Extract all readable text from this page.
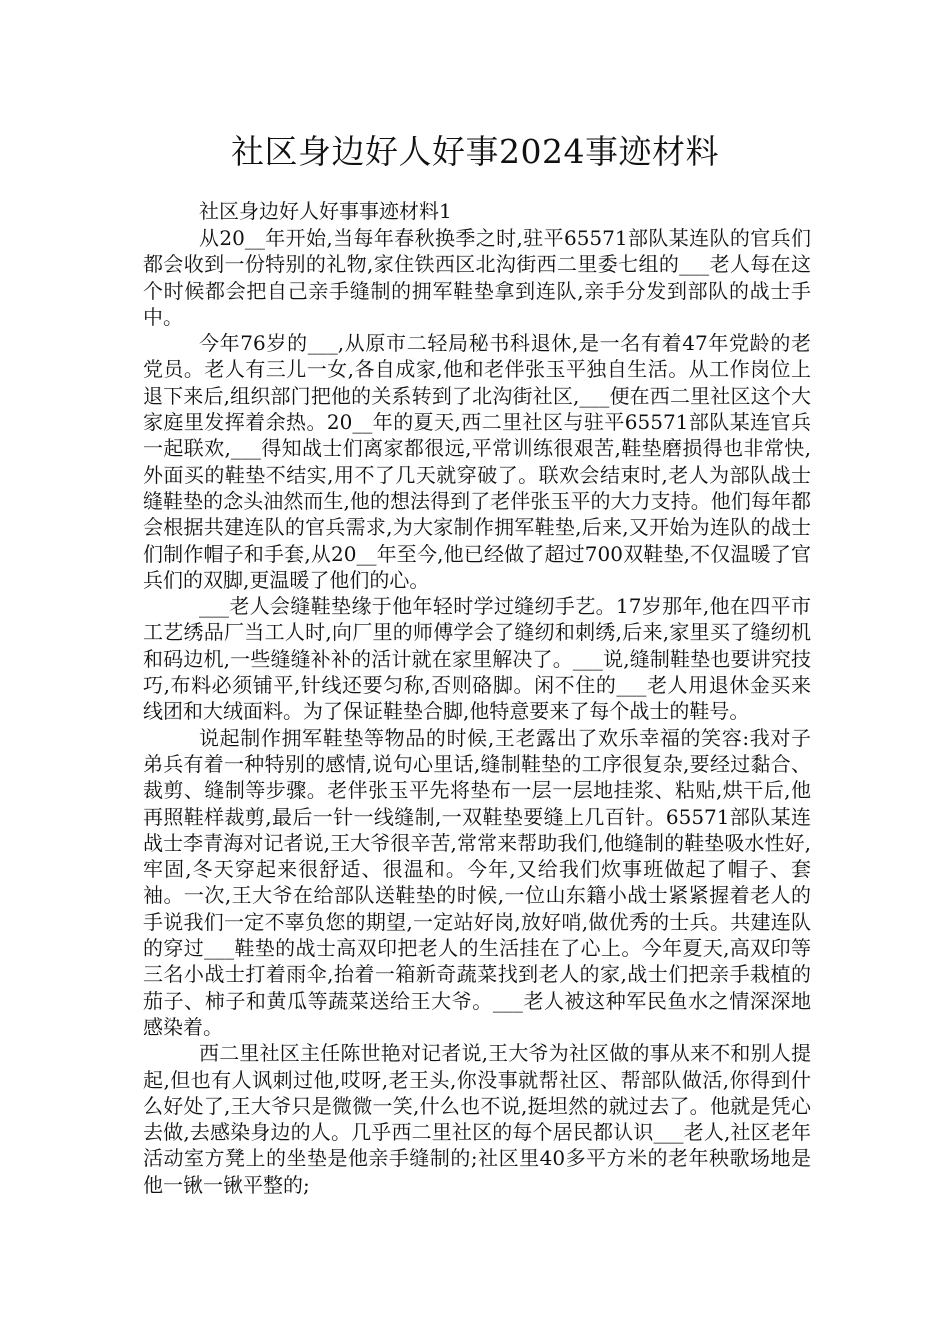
社区身边好人好事2024事迹材料

社区身边好人好事事迹材料1

从20__年开始,当每年春秋换季之时,驻平65571部队某连队的官兵们都会收到一份特别的礼物,家住铁西区北沟街西二里委七组的___老人每在这个时候都会把自己亲手缝制的拥军鞋垫拿到连队,亲手分发到部队的战士手中。

今年76岁的___,从原市二轻局秘书科退休,是一名有着47年党龄的老党员。老人有三儿一女,各自成家,他和老伴张玉平独自生活。从工作岗位上退下来后,组织部门把他的关系转到了北沟街社区,___便在西二里社区这个大家庭里发挥着余热。20__年的夏天,西二里社区与驻平65571部队某连官兵一起联欢,___得知战士们离家都很远,平常训练很艰苦,鞋垫磨损得也非常快,外面买的鞋垫不结实,用不了几天就穿破了。联欢会结束时,老人为部队战士缝鞋垫的念头油然而生,他的想法得到了老伴张玉平的大力支持。他们每年都会根据共建连队的官兵需求,为大家制作拥军鞋垫,后来,又开始为连队的战士们制作帽子和手套,从20__年至今,他已经做了超过700双鞋垫,不仅温暖了官兵们的双脚,更温暖了他们的心。

___老人会缝鞋垫缘于他年轻时学过缝纫手艺。17岁那年,他在四平市工艺绣品厂当工人时,向厂里的师傅学会了缝纫和刺绣,后来,家里买了缝纫机和码边机,一些缝缝补补的活计就在家里解决了。___说,缝制鞋垫也要讲究技巧,布料必须铺平,针线还要匀称,否则硌脚。闲不住的___老人用退休金买来线团和大绒面料。为了保证鞋垫合脚,他特意要来了每个战士的鞋号。

说起制作拥军鞋垫等物品的时候,王老露出了欢乐幸福的笑容:我对子弟兵有着一种特别的感情,说句心里话,缝制鞋垫的工序很复杂,要经过黏合、裁剪、缝制等步骤。老伴张玉平先将垫布一层一层地挂浆、粘贴,烘干后,他再照鞋样裁剪,最后一针一线缝制,一双鞋垫要缝上几百针。65571部队某连战士李青海对记者说,王大爷很辛苦,常常来帮助我们,他缝制的鞋垫吸水性好,牢固,冬天穿起来很舒适、很温和。今年,又给我们炊事班做起了帽子、套袖。一次,王大爷在给部队送鞋垫的时候,一位山东籍小战士紧紧握着老人的手说我们一定不辜负您的期望,一定站好岗,放好哨,做优秀的士兵。共建连队的穿过___鞋垫的战士高双印把老人的生活挂在了心上。今年夏天,高双印等三名小战士打着雨伞,抬着一箱新奇蔬菜找到老人的家,战士们把亲手栽植的茄子、柿子和黄瓜等蔬菜送给王大爷。___老人被这种军民鱼水之情深深地感染着。

西二里社区主任陈世艳对记者说,王大爷为社区做的事从来不和别人提起,但也有人讽刺过他,哎呀,老王头,你没事就帮社区、帮部队做活,你得到什么好处了,王大爷只是微微一笑,什么也不说,挺坦然的就过去了。他就是凭心去做,去感染身边的人。几乎西二里社区的每个居民都认识___老人,社区老年活动室方凳上的坐垫是他亲手缝制的;社区里40多平方米的老年秧歌场地是他一锹一锹平整的;
